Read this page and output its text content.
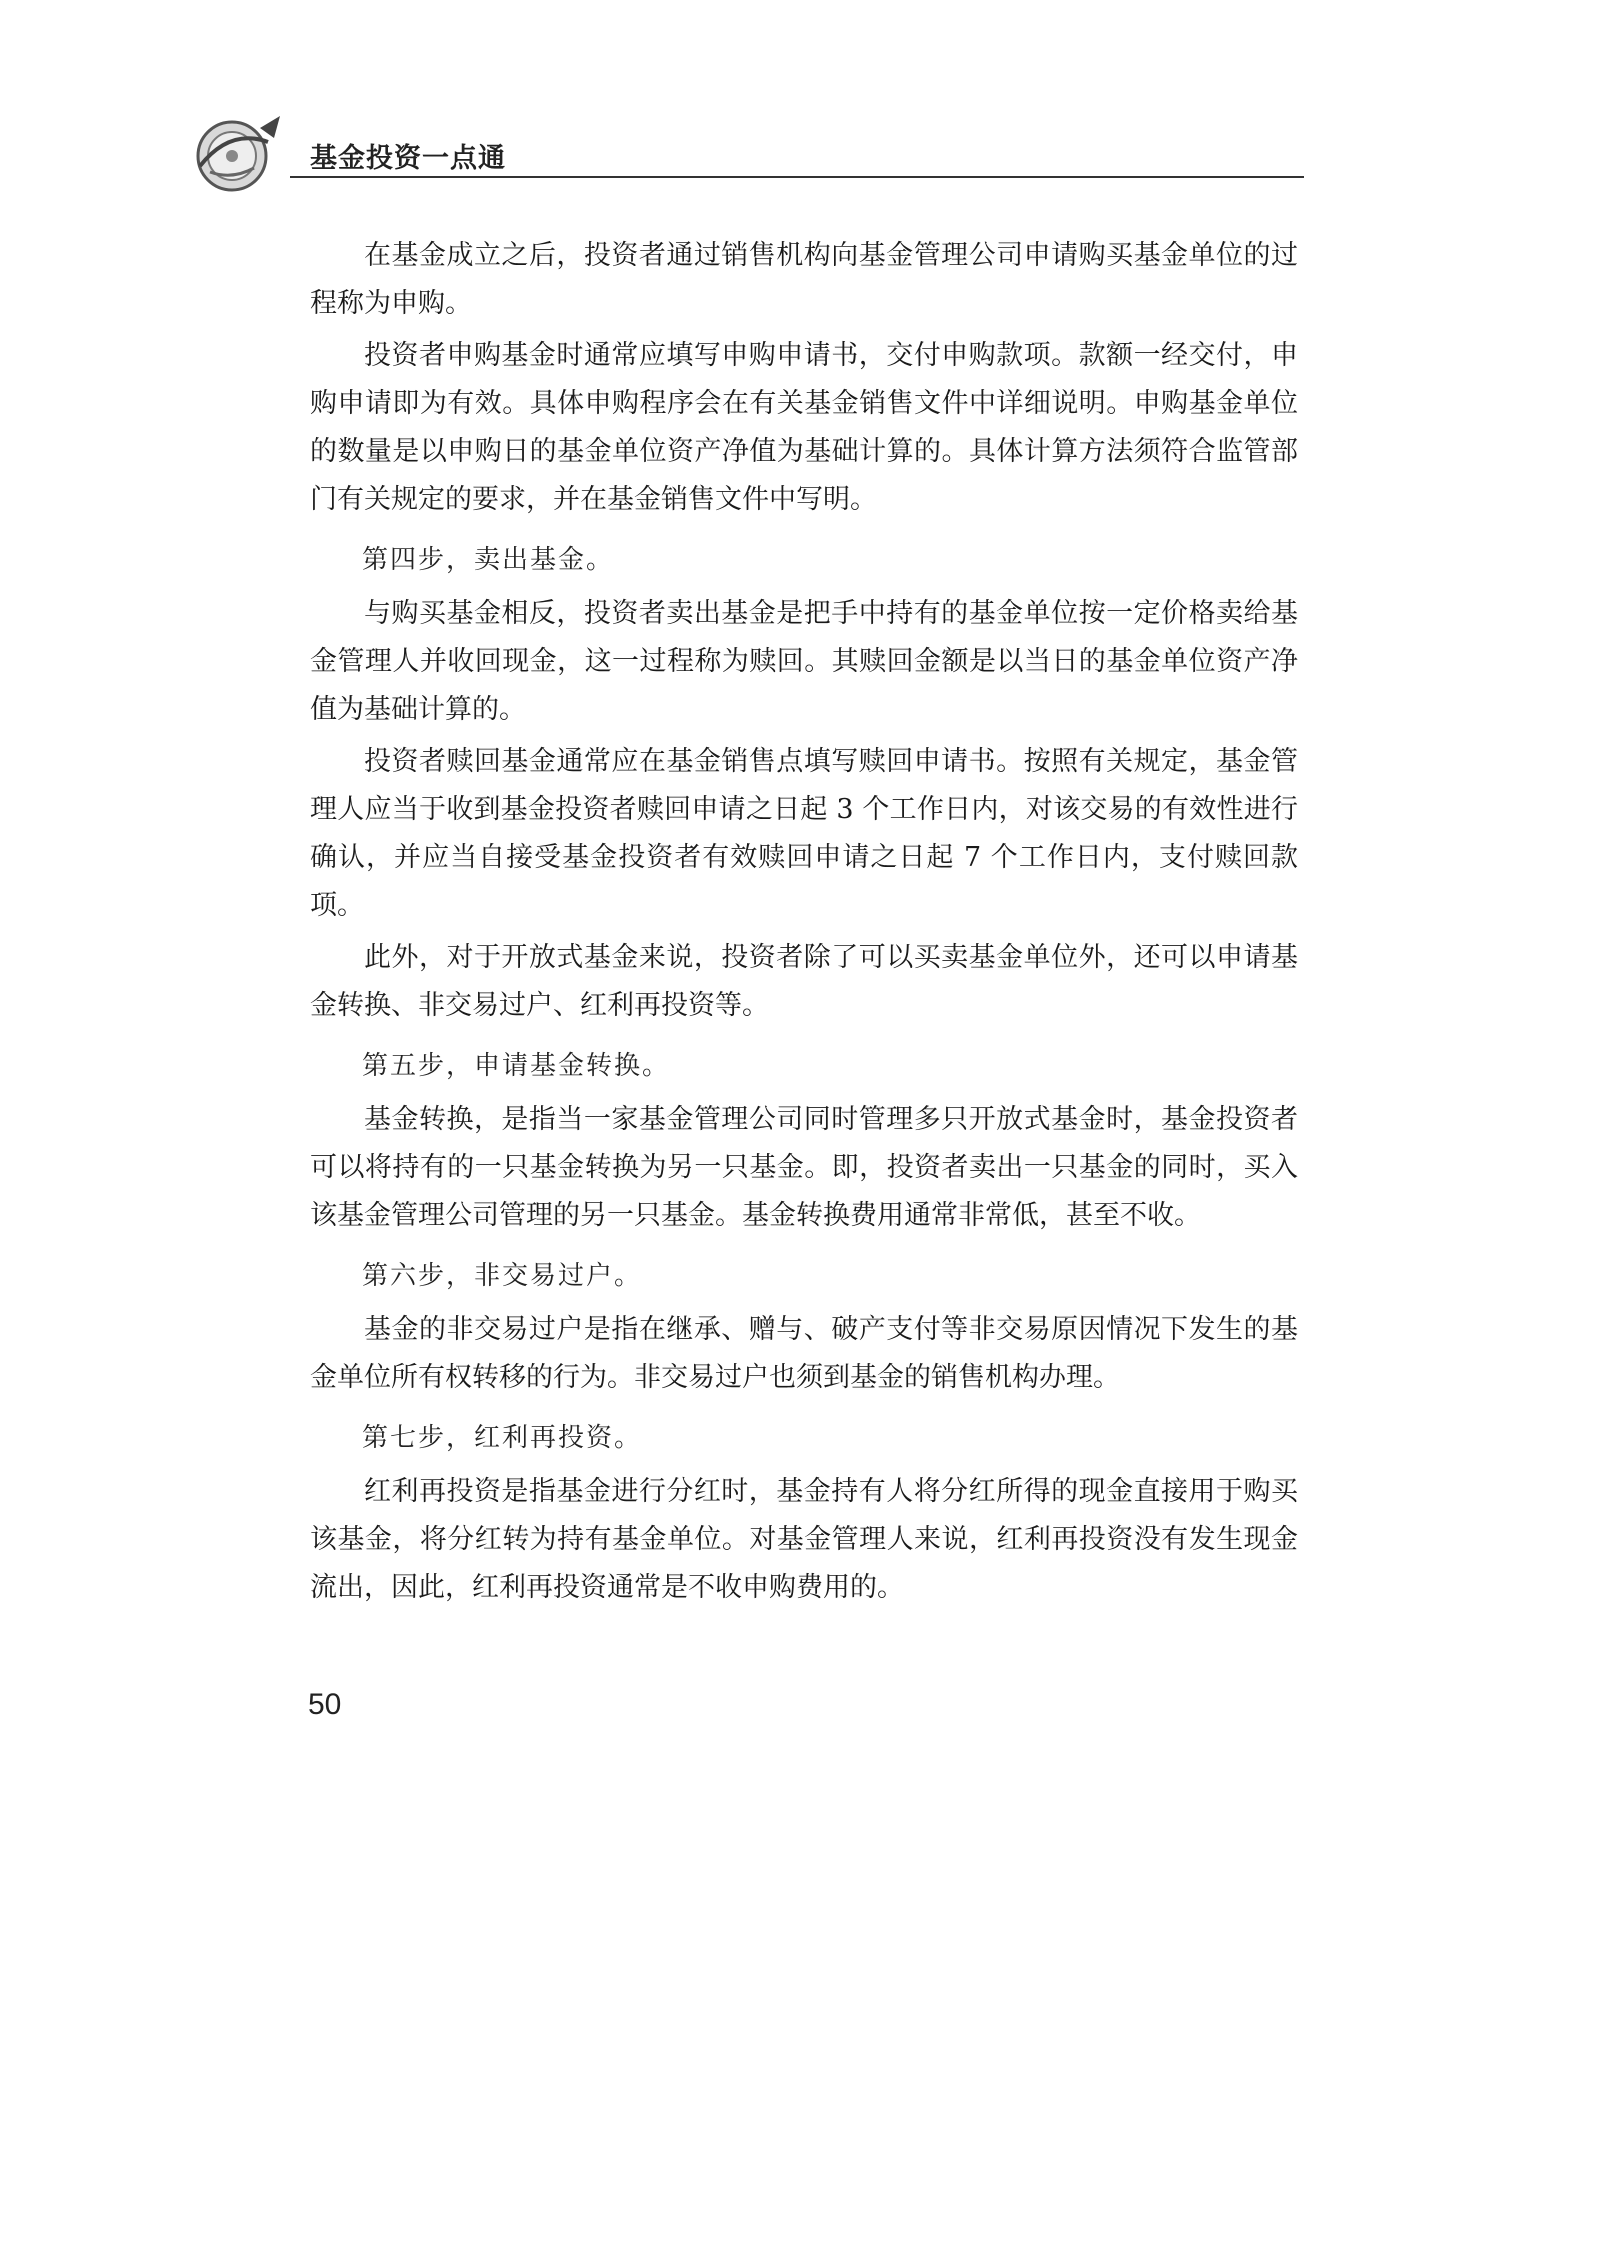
基金投资一点通

在基金成立之后，投资者通过销售机构向基金管理公司申请购买基金单位的过程称为申购。

投资者申购基金时通常应填写申购申请书，交付申购款项。款额一经交付，申购申请即为有效。具体申购程序会在有关基金销售文件中详细说明。申购基金单位的数量是以申购日的基金单位资产净值为基础计算的。具体计算方法须符合监管部门有关规定的要求，并在基金销售文件中写明。

第四步，卖出基金。

与购买基金相反，投资者卖出基金是把手中持有的基金单位按一定价格卖给基金管理人并收回现金，这一过程称为赎回。其赎回金额是以当日的基金单位资产净值为基础计算的。

投资者赎回基金通常应在基金销售点填写赎回申请书。按照有关规定，基金管理人应当于收到基金投资者赎回申请之日起 3 个工作日内，对该交易的有效性进行确认，并应当自接受基金投资者有效赎回申请之日起 7 个工作日内，支付赎回款项。

此外，对于开放式基金来说，投资者除了可以买卖基金单位外，还可以申请基金转换、非交易过户、红利再投资等。

第五步，申请基金转换。

基金转换，是指当一家基金管理公司同时管理多只开放式基金时，基金投资者可以将持有的一只基金转换为另一只基金。即，投资者卖出一只基金的同时，买入该基金管理公司管理的另一只基金。基金转换费用通常非常低，甚至不收。

第六步，非交易过户。

基金的非交易过户是指在继承、赠与、破产支付等非交易原因情况下发生的基金单位所有权转移的行为。非交易过户也须到基金的销售机构办理。

第七步，红利再投资。

红利再投资是指基金进行分红时，基金持有人将分红所得的现金直接用于购买该基金，将分红转为持有基金单位。对基金管理人来说，红利再投资没有发生现金流出，因此，红利再投资通常是不收申购费用的。

50
